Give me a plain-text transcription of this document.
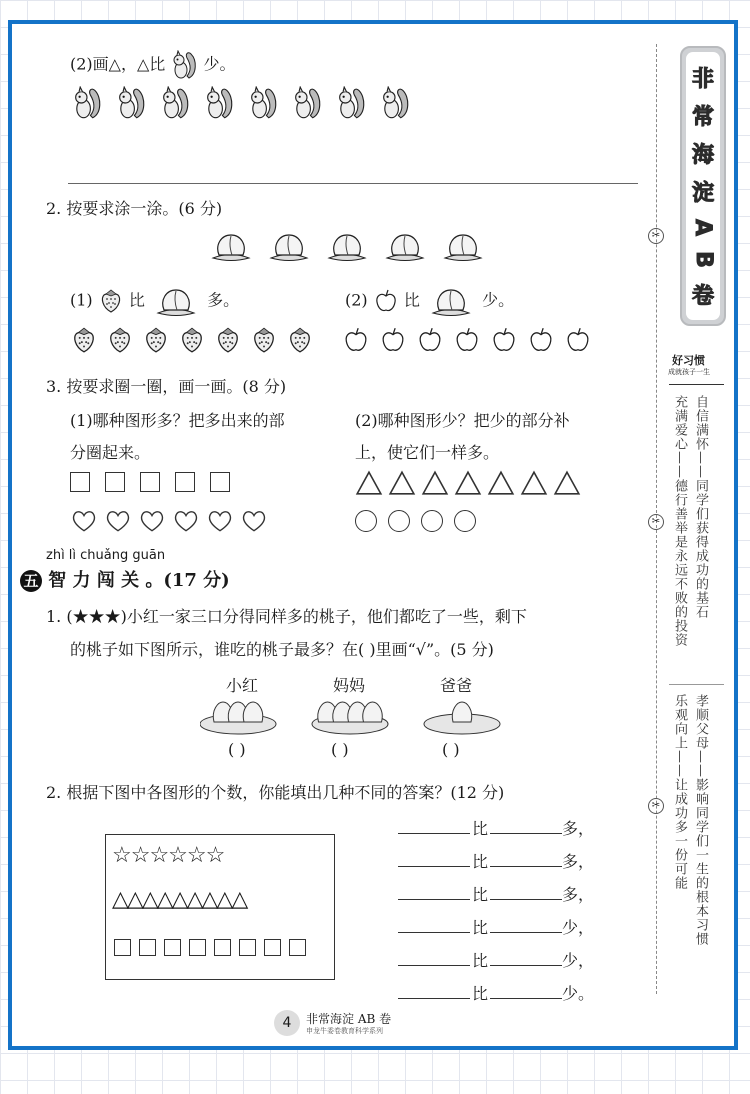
(2)画△，△比 少。
2. 按要求涂一涂。(6 分)
(1) 比	多。	(2) 比	少。
3. 按要求圈一圈，画一画。(8 分)
(1)哪种图形多？把多出来的部
分圈起来。
(2)哪种图形少？把少的部分补
上，使它们一样多。
zhì lì chuǎng guān
五 智 力 闯 关 。(17 分)
1. (★★★)小红一家三口分得同样多的桃子，他们都吃了一些，剩下
的桃子如下图所示，谁吃的桃子最多？在( )里画“√”。(5 分)
小红	妈妈	爸爸
( )	( )	( )
2. 根据下图中各图形的个数，你能填出几种不同的答案？(12 分)
☆☆☆☆☆☆
△△△△△△△△△
比	多，
比	多，
比	多，
比	少，
比	少，
比	少。
非
常
海
淀
A
B
卷
好习惯
成就孩子一生
自信满怀——同学们获得成功的基石
充满爱心——德行善举是永远不败的投资
孝顺父母——影响同学们一生的根本习惯
乐观向上——让成功多一份可能
✂
✂
✂
4	非常海淀 AB 卷
申龙牛委卷教育科学系列
